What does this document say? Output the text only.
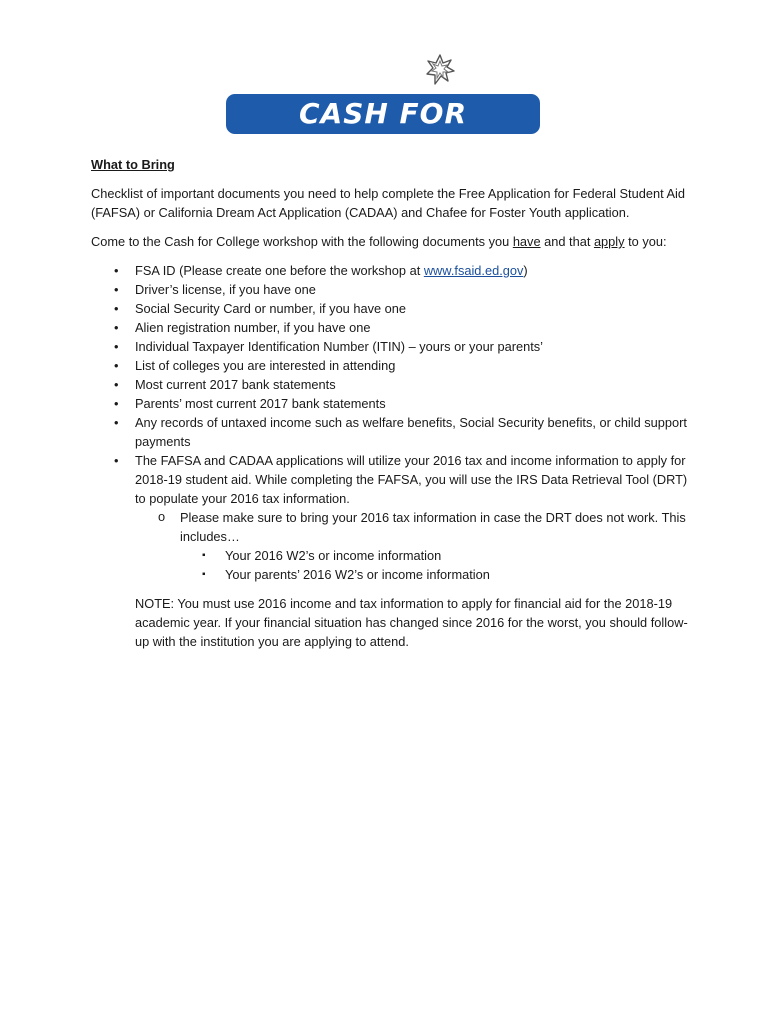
CASH FOR C//LLEGE
What to Bring

Checklist of important documents you need to help complete the Free Application for Federal Student Aid (FAFSA) or California Dream Act Application (CADAA) and Chafee for Foster Youth application.

Come to the Cash for College workshop with the following documents you have and that apply to you:

• FSA ID (Please create one before the workshop at www.fsaid.ed.gov)
• Driver’s license, if you have one
• Social Security Card or number, if you have one
• Alien registration number, if you have one
• Individual Taxpayer Identification Number (ITIN) – yours or your parents’
• List of colleges you are interested in attending
• Most current 2017 bank statements
• Parents’ most current 2017 bank statements
• Any records of untaxed income such as welfare benefits, Social Security benefits, or child support payments
• The FAFSA and CADAA applications will utilize your 2016 tax and income information to apply for 2018-19 student aid. While completing the FAFSA, you will use the IRS Data Retrieval Tool (DRT) to populate your 2016 tax information.
o Please make sure to bring your 2016 tax information in case the DRT does not work. This includes…
▪ Your 2016 W2’s or income information
▪ Your parents’ 2016 W2’s or income information
NOTE: You must use 2016 income and tax information to apply for financial aid for the 2018-19 academic year. If your financial situation has changed since 2016 for the worst, you should follow-up with the institution you are applying to attend.
